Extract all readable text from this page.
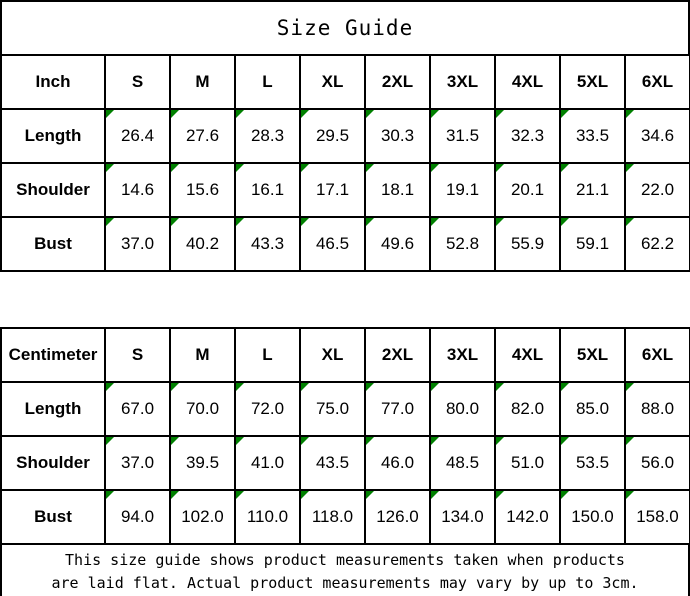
Size Guide
Inch	S	M	L	XL	2XL	3XL	4XL	5XL	6XL
Length	26.4	27.6	28.3	29.5	30.3	31.5	32.3	33.5	34.6
Shoulder	14.6	15.6	16.1	17.1	18.1	19.1	20.1	21.1	22.0
Bust	37.0	40.2	43.3	46.5	49.6	52.8	55.9	59.1	62.2
Centimeter	S	M	L	XL	2XL	3XL	4XL	5XL	6XL
Length	67.0	70.0	72.0	75.0	77.0	80.0	82.0	85.0	88.0
Shoulder	37.0	39.5	41.0	43.5	46.0	48.5	51.0	53.5	56.0
Bust	94.0	102.0	110.0	118.0	126.0	134.0	142.0	150.0	158.0
This size guide shows product measurements taken when products
are laid flat. Actual product measurements may vary by up to 3cm.
